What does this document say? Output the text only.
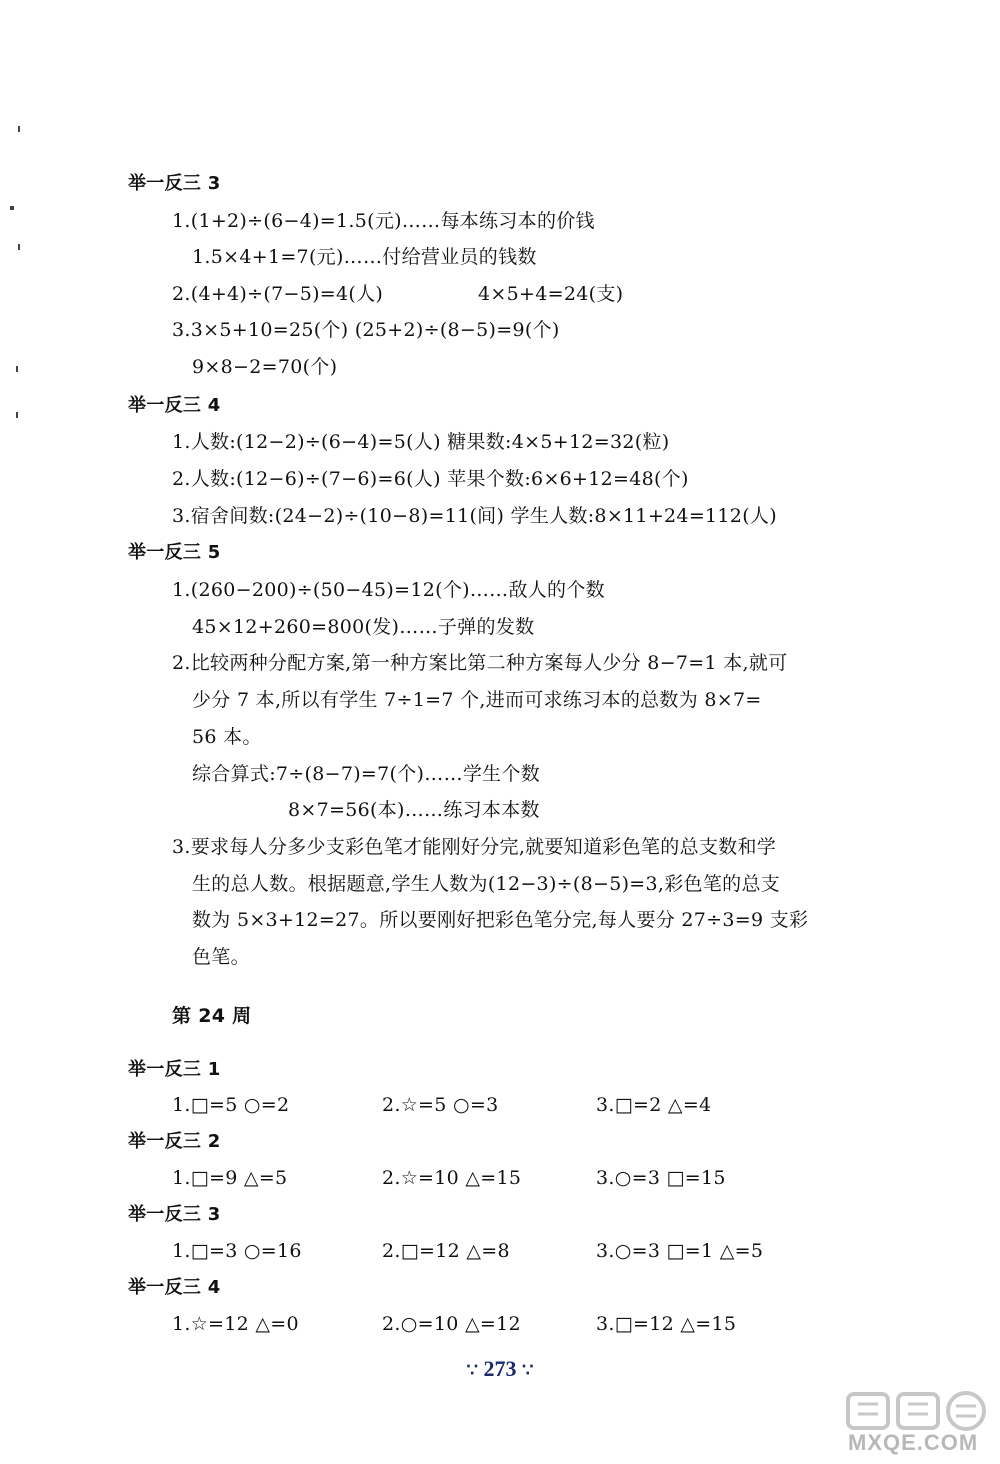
举一反三 3
1.(1+2)÷(6−4)=1.5(元)……每本练习本的价钱
1.5×4+1=7(元)……付给营业员的钱数
2.(4+4)÷(7−5)=4(人)	4×5+4=24(支)
3.3×5+10=25(个) (25+2)÷(8−5)=9(个)
9×8−2=70(个)
举一反三 4
1.人数:(12−2)÷(6−4)=5(人) 糖果数:4×5+12=32(粒)
2.人数:(12−6)÷(7−6)=6(人) 苹果个数:6×6+12=48(个)
3.宿舍间数:(24−2)÷(10−8)=11(间) 学生人数:8×11+24=112(人)
举一反三 5
1.(260−200)÷(50−45)=12(个)……敌人的个数
45×12+260=800(发)……子弹的发数
2.比较两种分配方案,第一种方案比第二种方案每人少分 8−7=1 本,就可
少分 7 本,所以有学生 7÷1=7 个,进而可求练习本的总数为 8×7=
56 本。
综合算式:7÷(8−7)=7(个)……学生个数
8×7=56(本)……练习本本数
3.要求每人分多少支彩色笔才能刚好分完,就要知道彩色笔的总支数和学
生的总人数。根据题意,学生人数为(12−3)÷(8−5)=3,彩色笔的总支
数为 5×3+12=27。所以要刚好把彩色笔分完,每人要分 27÷3=9 支彩
色笔。
第 24 周
举一反三 1
1.□=5 ○=2	2.☆=5 ○=3	3.□=2 △=4
举一反三 2
1.□=9 △=5	2.☆=10 △=15	3.○=3 □=15
举一反三 3
1.□=3 ○=16	2.□=12 △=8	3.○=3 □=1 △=5
举一反三 4
1.☆=12 △=0	2.○=10 △=12	3.□=12 △=15
∵ 273 ∵
MXQE.COM
